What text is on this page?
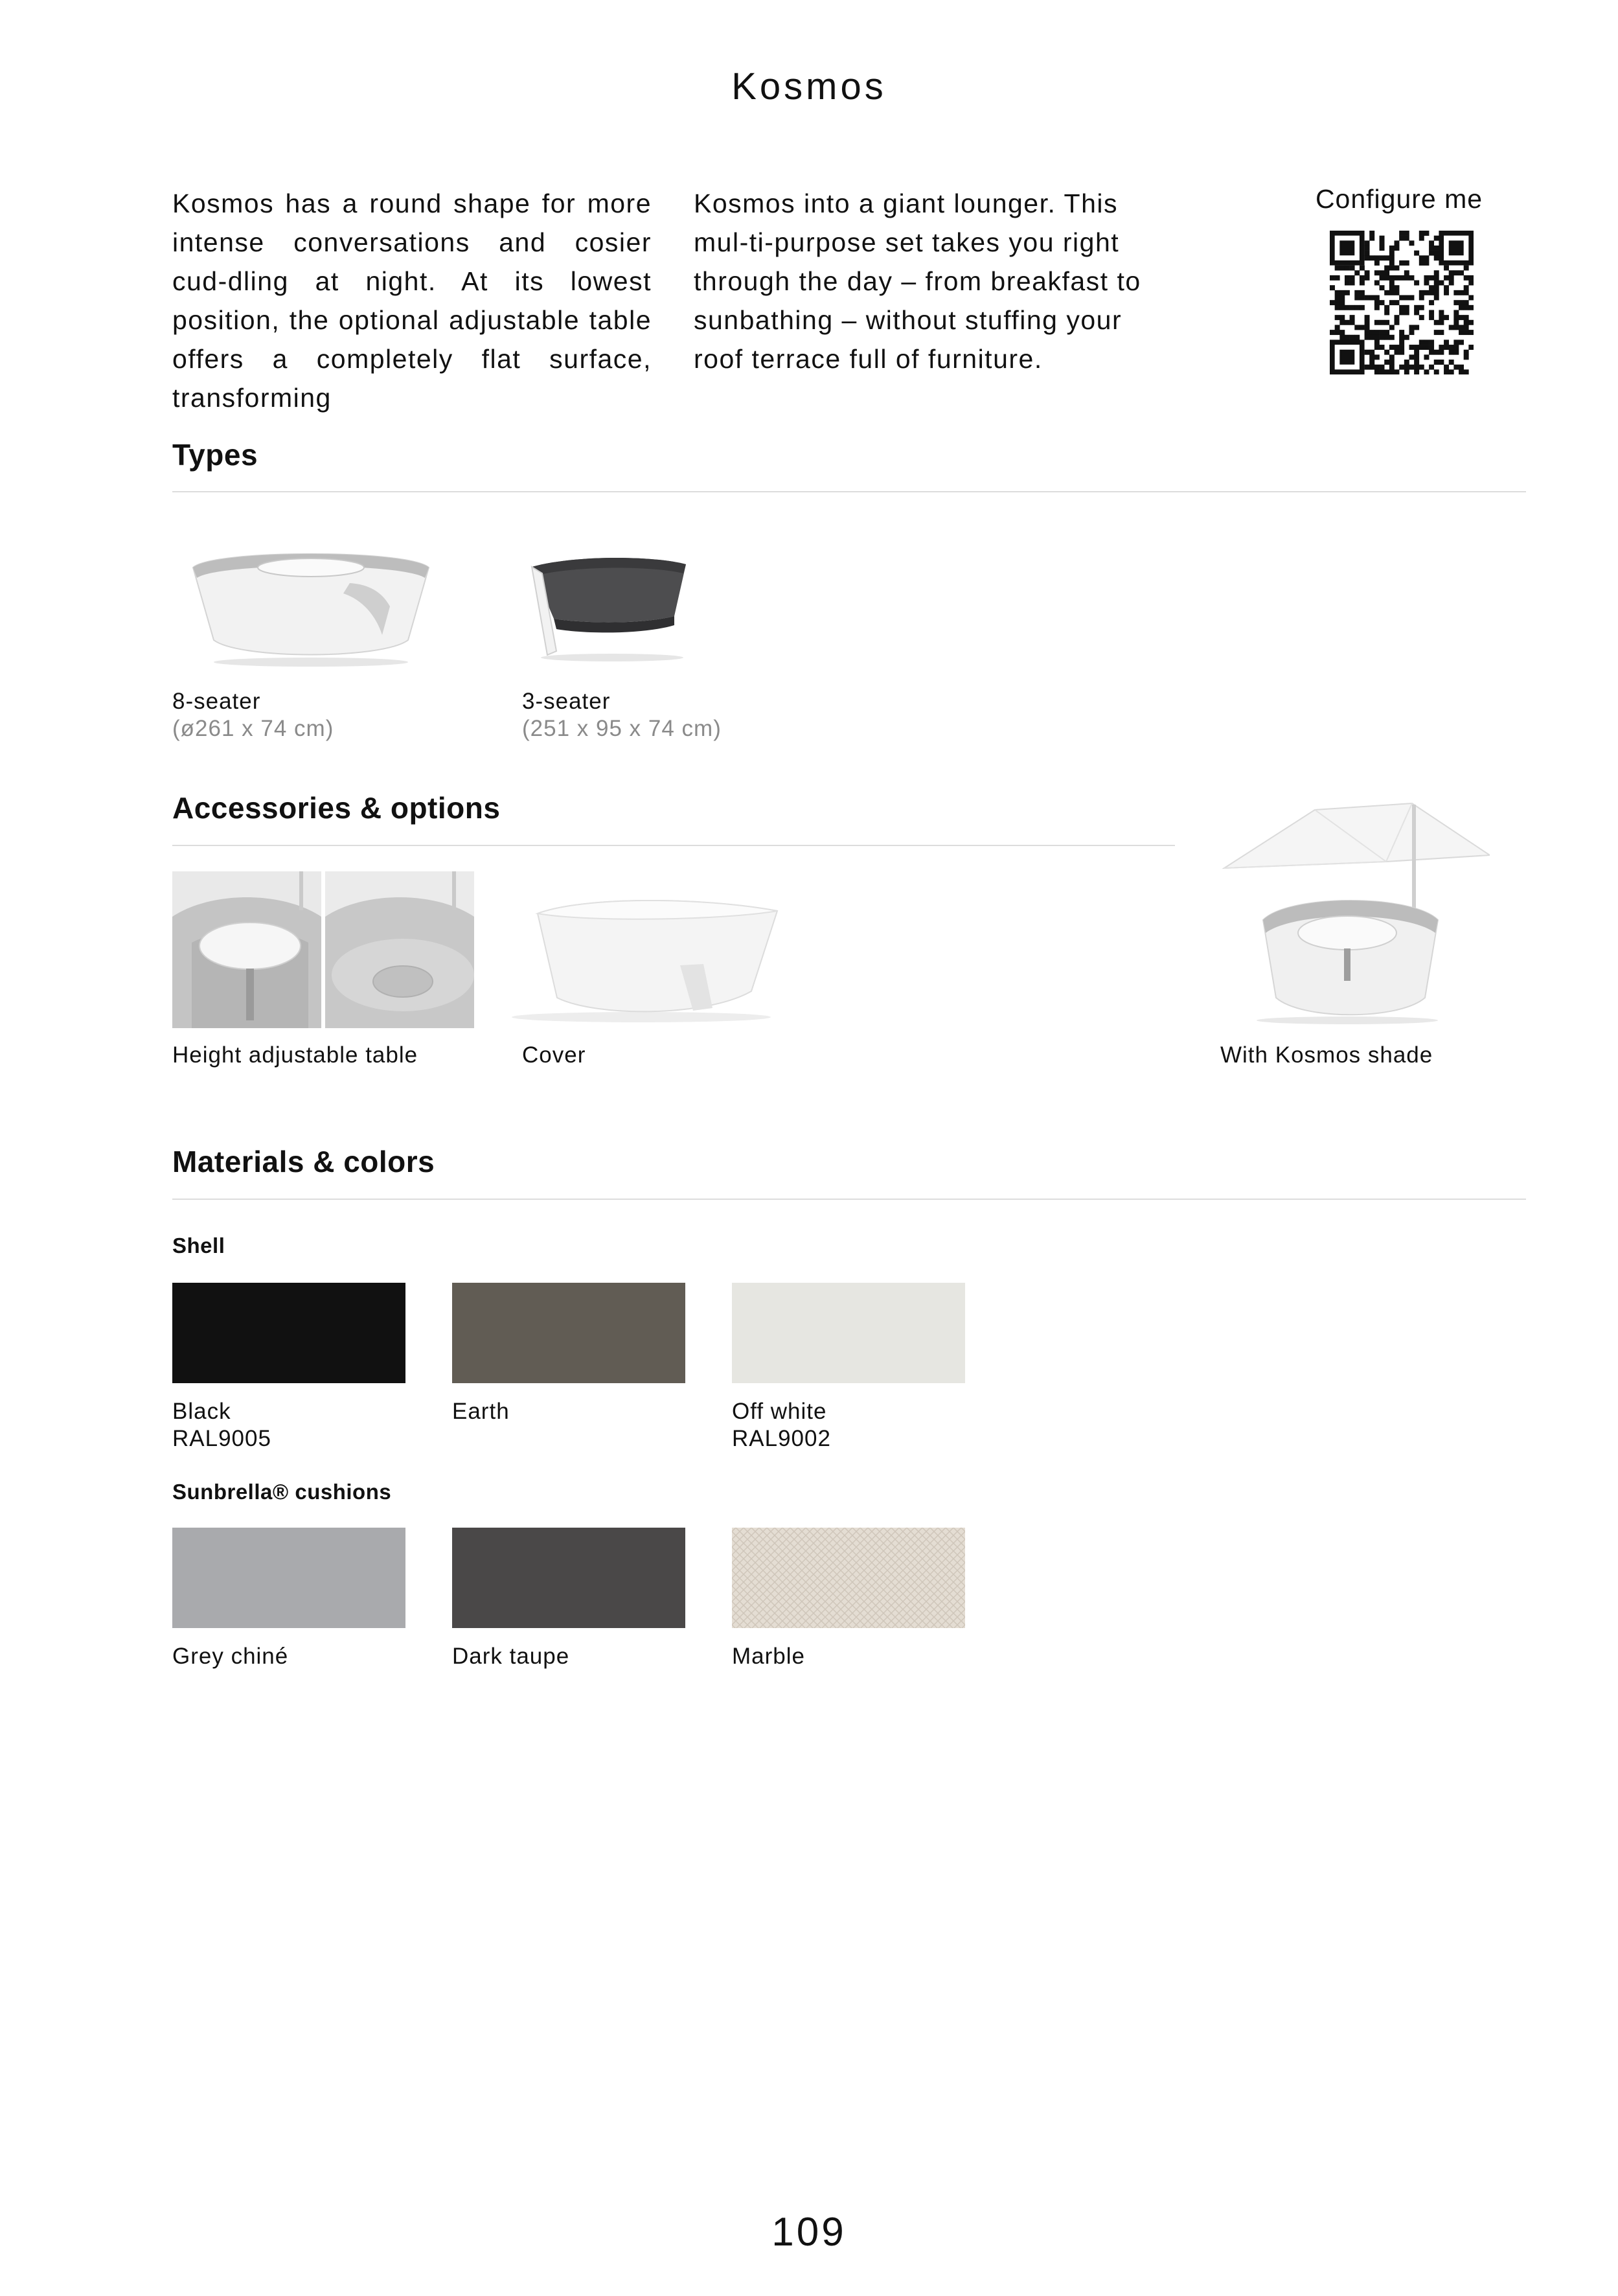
Kosmos
Kosmos has a round shape for more intense conversations and cosier cud-dling at night. At its lowest position, the optional adjustable table offers a completely flat surface, transforming
Kosmos into a giant lounger. This mul-ti-purpose set takes you right through the day – from breakfast to sunbathing – without stuffing your roof terrace full of furniture.
Configure me
Types
8-seater
(ø261 x 74 cm)
3-seater
(251 x 95 x 74 cm)
Accessories & options
Height adjustable table	Cover	With Kosmos shade
Materials & colors
Shell
Black
RAL9005
Earth	Off white
RAL9002
Sunbrella® cushions
Grey chiné	Dark taupe	Marble
109
